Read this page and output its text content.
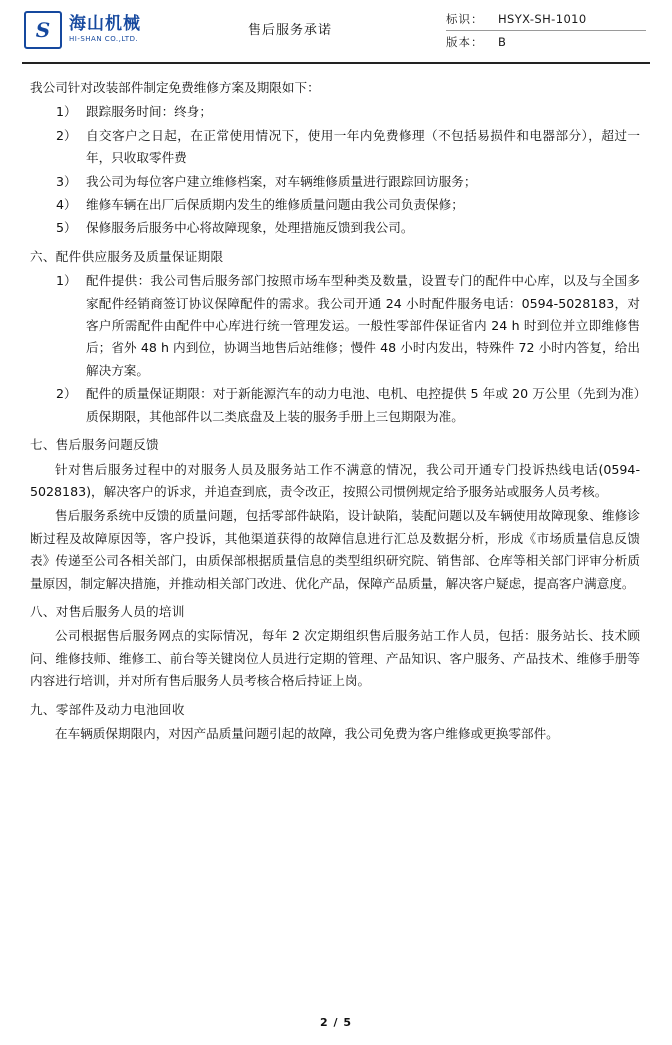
S
海山机械
HI-SHAN CO.,LTD.
售后服务承诺
标识：	HSYX-SH-1010
版本：	B

我公司针对改装部件制定免费维修方案及期限如下：

1） 跟踪服务时间：终身；
2） 自交客户之日起，在正常使用情况下，使用一年内免费修理（不包括易损件和电器部分），超过一年，只收取零件费
3） 我公司为每位客户建立维修档案，对车辆维修质量进行跟踪回访服务；
4） 维修车辆在出厂后保质期内发生的维修质量问题由我公司负责保修；
5） 保修服务后服务中心将故障现象，处理措施反馈到我公司。

六、配件供应服务及质量保证期限

1） 配件提供：我公司售后服务部门按照市场车型种类及数量，设置专门的配件中心库，以及与全国多家配件经销商签订协议保障配件的需求。我公司开通 24 小时配件服务电话：0594-5028183，对客户所需配件由配件中心库进行统一管理发运。一般性零部件保证省内 24 h 时到位并立即维修售后；省外 48 h 内到位，协调当地售后站维修；慢件 48 小时内发出，特殊件 72 小时内答复，给出解决方案。
2） 配件的质量保证期限：对于新能源汽车的动力电池、电机、电控提供 5 年或 20 万公里（先到为准）质保期限，其他部件以二类底盘及上装的服务手册上三包期限为准。

七、售后服务问题反馈

针对售后服务过程中的对服务人员及服务站工作不满意的情况，我公司开通专门投诉热线电话(0594-5028183)，解决客户的诉求，并追查到底，责令改正，按照公司惯例规定给予服务站或服务人员考核。

售后服务系统中反馈的质量问题，包括零部件缺陷，设计缺陷，装配问题以及车辆使用故障现象、维修诊断过程及故障原因等，客户投诉，其他渠道获得的故障信息进行汇总及数据分析，形成《市场质量信息反馈表》传递至公司各相关部门，由质保部根据质量信息的类型组织研究院、销售部、仓库等相关部门评审分析质量原因，制定解决措施，并推动相关部门改进、优化产品，保障产品质量，解决客户疑虑，提高客户满意度。

八、对售后服务人员的培训

公司根据售后服务网点的实际情况，每年 2 次定期组织售后服务站工作人员，包括：服务站长、技术顾问、维修技师、维修工、前台等关键岗位人员进行定期的管理、产品知识、客户服务、产品技术、维修手册等内容进行培训，并对所有售后服务人员考核合格后持证上岗。

九、零部件及动力电池回收

在车辆质保期限内，对因产品质量问题引起的故障，我公司免费为客户维修或更换零部件。

2 / 5
